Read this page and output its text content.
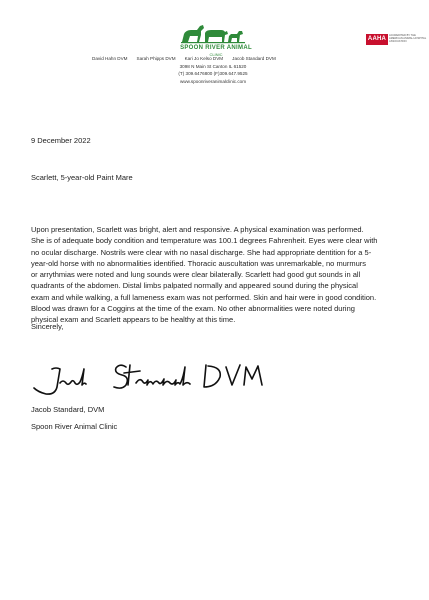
SPOON RIVER ANIMAL
CLINIC
David Hahn DVM Sarah Phipps DVM Kari Jo Kelso DVM Jacob Standard DVM
3098 N Main St Canton IL 61520
(T) 309.6476800 (F)309.647.9525
www.spoonriveranimalclinic.com
AAHA
ACCREDITED BY THE AMERICAN ANIMAL HOSPITAL ASSOCIATION
9 December 2022
Scarlett, 5-year-old Paint Mare
Upon presentation, Scarlett was bright, alert and responsive. A physical examination was performed.
She is of adequate body condition and temperature was 100.1 degrees Fahrenheit. Eyes were clear with
no ocular discharge. Nostrils were clear with no nasal discharge. She had appropriate dentition for a 5-
year-old horse with no abnormalities identified. Thoracic auscultation was unremarkable, no murmurs
or arrythmias were noted and lung sounds were clear bilaterally. Scarlett had good gut sounds in all
quadrants of the abdomen. Distal limbs palpated normally and appeared sound during the physical
exam and while walking, a full lameness exam was not performed. Skin and hair were in good condition.
Blood was drawn for a Coggins at the time of the exam. No other abnormalities were noted during
physical exam and Scarlett appears to be healthy at this time.
Sincerely,
Jacob Standard, DVM
Spoon River Animal Clinic
